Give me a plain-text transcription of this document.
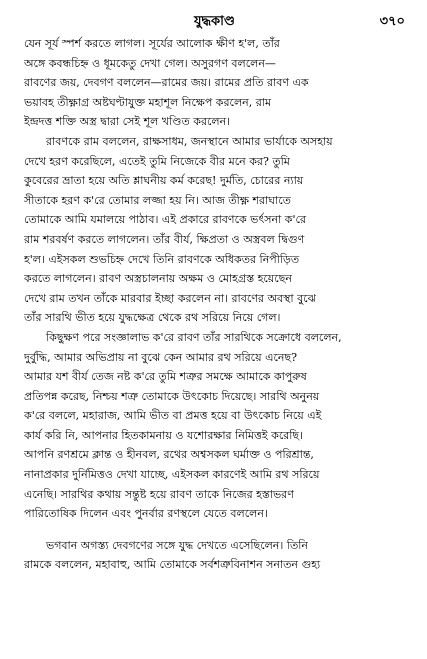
যুদ্ধকাণ্ড	৩৭০

যেন সূর্য স্পর্শ করতে লাগল। সূর্যের আলোক ক্ষীণ হ'ল, তাঁর
অঙ্গে কবন্ধচিহ্ন ও ধূমকেতু দেখা গেল। অসুরগণ বললেন—
রাবণের জয়, দেবগণ বললেন—রামের জয়। রামের প্রতি রাবণ এক
ভয়াবহ তীক্ষ্ণাগ্র অষ্টঘণ্টাযুক্ত মহাশূল নিক্ষেপ করলেন, রাম
ইন্দ্রদত্ত শক্তি অস্ত্র দ্বারা সেই শূল খণ্ডিত করলেন।

রাবণকে রাম বললেন, রাক্ষসাধম, জনস্থানে আমার ভার্যাকে অসহায়
দেখে হরণ করেছিলে, এতেই তুমি নিজেকে বীর মনে কর? তুমি
কুবেরের ভ্রাতা হয়ে অতি শ্লাঘনীয় কর্ম করেছ! দুর্মতি, চোরের ন্যায়
সীতাকে হরণ ক'রে তোমার লজ্জা হয় নি। আজ তীক্ষ্ণ শরাঘাতে
তোমাকে আমি যমালয়ে পাঠাব। এই প্রকারে রাবণকে ভর্ৎসনা ক'রে
রাম শরবর্ষণ করতে লাগলেন। তাঁর বীর্য, ক্ষিপ্রতা ও অস্ত্রবল দ্বিগুণ
হ'ল। এইসকল শুভচিহ্ন দেখে তিনি রাবণকে অধিকতর নিপীড়িত
করতে লাগলেন। রাবণ অস্ত্রচালনায় অক্ষম ও মোহগ্রস্ত হয়েছেন
দেখে রাম তখন তাঁকে মারবার ইচ্ছা করলেন না। রাবণের অবস্থা বুঝে
তাঁর সারথি ভীত হয়ে যুদ্ধক্ষেত্র থেকে রথ সরিয়ে নিয়ে গেল।

কিছুক্ষণ পরে সংজ্ঞালাভ ক'রে রাবণ তাঁর সারথিকে সক্রোধে বললেন,
দুর্বুদ্ধি, আমার অভিপ্রায় না বুঝে কেন আমার রথ সরিয়ে এনেছ?
আমার যশ বীর্য তেজ নষ্ট ক'রে তুমি শত্রুর সমক্ষে আমাকে কাপুরুষ
প্রতিপন্ন করেছ, নিশ্চয় শত্রু তোমাকে উৎকোচ দিয়েছে। সারথি অনুনয়
ক'রে বললে, মহারাজ, আমি ভীত বা প্রমত্ত হয়ে বা উৎকোচ নিয়ে এই
কার্য করি নি, আপনার হিতকামনায় ও যশোরক্ষার নিমিত্তই করেছি।
আপনি রণশ্রমে ক্লান্ত ও হীনবল, রথের অশ্বসকল ঘর্মাক্ত ও পরিশ্রান্ত,
নানাপ্রকার দুর্নিমিত্তও দেখা যাচ্ছে, এইসকল কারণেই আমি রথ সরিয়ে
এনেছি। সারথির কথায় সন্তুষ্ট হয়ে রাবণ তাকে নিজের হস্তাভরণ
পারিতোষিক দিলেন এবং পুনর্বার রণস্থলে যেতে বললেন।

ভগবান অগস্ত্য দেবগণের সঙ্গে যুদ্ধ দেখতে এসেছিলেন। তিনি
রামকে বললেন, মহাবাহু, আমি তোমাকে সর্বশত্রুবিনাশন সনাতন গুহ্য
